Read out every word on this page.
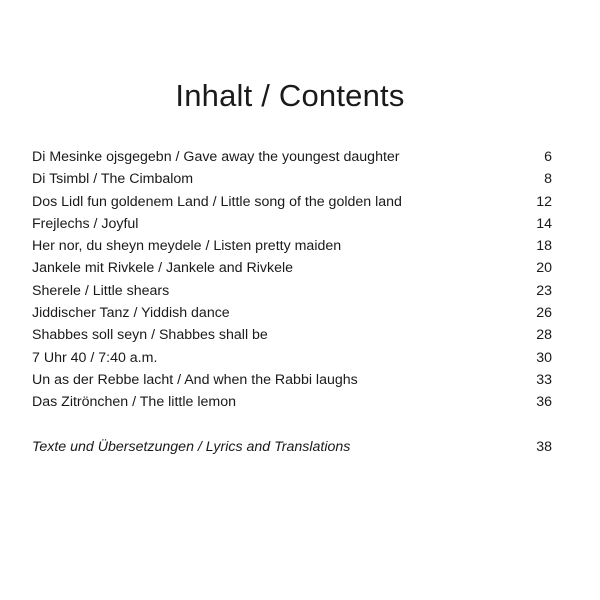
Inhalt / Contents
Di Mesinke ojsgegebn / Gave away the youngest daughter	6
Di Tsimbl / The Cimbalom	8
Dos Lidl fun goldenem Land / Little song of the golden land	12
Frejlechs / Joyful	14
Her nor, du sheyn meydele / Listen pretty maiden	18
Jankele mit Rivkele / Jankele and Rivkele	20
Sherele / Little shears	23
Jiddischer Tanz / Yiddish dance	26
Shabbes soll seyn / Shabbes shall be	28
7 Uhr 40 / 7:40 a.m.	30
Un as der Rebbe lacht / And when the Rabbi laughs	33
Das Zitrönchen / The little lemon	36
Texte und Übersetzungen / Lyrics and Translations	38
